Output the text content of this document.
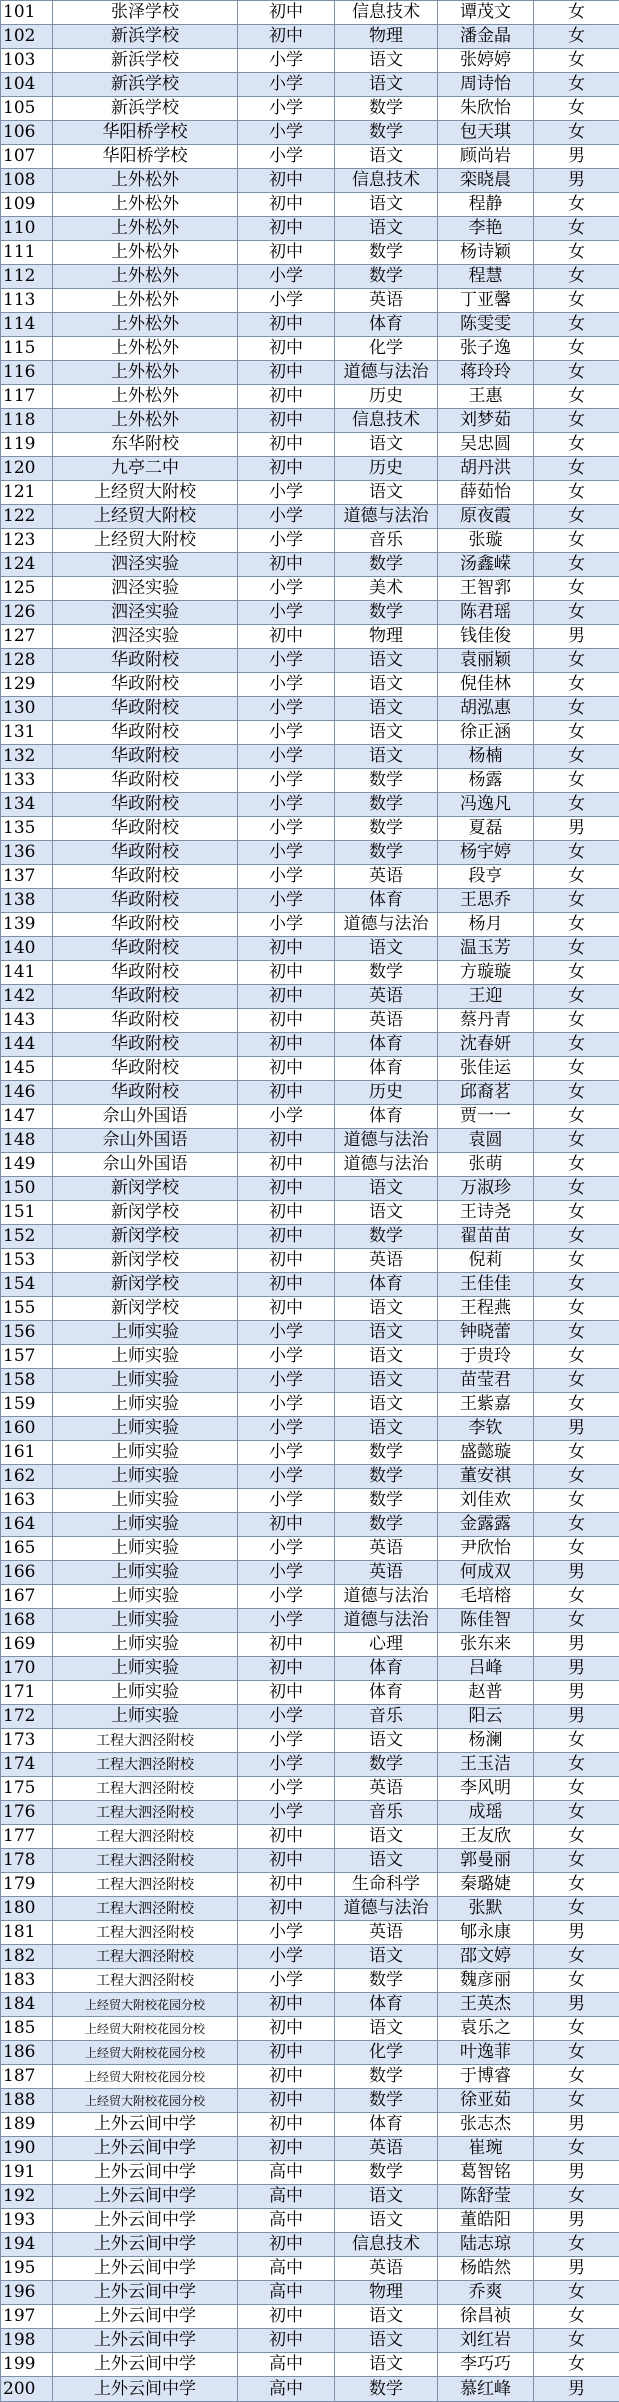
101	张泽学校	初中	信息技术	谭茂文	女
102	新浜学校	初中	物理	潘金晶	女
103	新浜学校	小学	语文	张婷婷	女
104	新浜学校	小学	语文	周诗怡	女
105	新浜学校	小学	数学	朱欣怡	女
106	华阳桥学校	小学	数学	包天琪	女
107	华阳桥学校	小学	语文	顾尚岩	男
108	上外松外	初中	信息技术	栾晓晨	男
109	上外松外	初中	语文	程静	女
110	上外松外	初中	语文	李艳	女
111	上外松外	初中	数学	杨诗颖	女
112	上外松外	小学	数学	程慧	女
113	上外松外	小学	英语	丁亚馨	女
114	上外松外	初中	体育	陈雯雯	女
115	上外松外	初中	化学	张子逸	女
116	上外松外	初中	道德与法治	蒋玲玲	女
117	上外松外	初中	历史	王惠	女
118	上外松外	初中	信息技术	刘梦茹	女
119	东华附校	初中	语文	吴忠圆	女
120	九亭二中	初中	历史	胡丹洪	女
121	上经贸大附校	小学	语文	薛茹怡	女
122	上经贸大附校	小学	道德与法治	原夜霞	女
123	上经贸大附校	小学	音乐	张璇	女
124	泗泾实验	初中	数学	汤鑫嵘	女
125	泗泾实验	小学	美术	王智郛	女
126	泗泾实验	小学	数学	陈君瑶	女
127	泗泾实验	初中	物理	钱佳俊	男
128	华政附校	小学	语文	袁丽颖	女
129	华政附校	小学	语文	倪佳林	女
130	华政附校	小学	语文	胡泓惠	女
131	华政附校	小学	语文	徐正涵	女
132	华政附校	小学	语文	杨楠	女
133	华政附校	小学	数学	杨露	女
134	华政附校	小学	数学	冯逸凡	女
135	华政附校	小学	数学	夏磊	男
136	华政附校	小学	数学	杨宇婷	女
137	华政附校	小学	英语	段亨	女
138	华政附校	小学	体育	王思乔	女
139	华政附校	小学	道德与法治	杨月	女
140	华政附校	初中	语文	温玉芳	女
141	华政附校	初中	数学	方璇璇	女
142	华政附校	初中	英语	王迎	女
143	华政附校	初中	英语	蔡丹青	女
144	华政附校	初中	体育	沈春妍	女
145	华政附校	初中	体育	张佳运	女
146	华政附校	初中	历史	邱裔茗	女
147	佘山外国语	小学	体育	贾一一	女
148	佘山外国语	初中	道德与法治	袁圆	女
149	佘山外国语	初中	道德与法治	张萌	女
150	新闵学校	初中	语文	万淑珍	女
151	新闵学校	初中	语文	王诗尧	女
152	新闵学校	初中	数学	翟苗苗	女
153	新闵学校	初中	英语	倪莉	女
154	新闵学校	初中	体育	王佳佳	女
155	新闵学校	初中	语文	王程燕	女
156	上师实验	小学	语文	钟晓蕾	女
157	上师实验	小学	语文	于贵玲	女
158	上师实验	小学	语文	苗莹君	女
159	上师实验	小学	语文	王紫嘉	女
160	上师实验	小学	语文	李钦	男
161	上师实验	小学	数学	盛懿璇	女
162	上师实验	小学	数学	董安祺	女
163	上师实验	小学	数学	刘佳欢	女
164	上师实验	初中	数学	金露露	女
165	上师实验	小学	英语	尹欣怡	女
166	上师实验	小学	英语	何成双	男
167	上师实验	小学	道德与法治	毛培榕	女
168	上师实验	小学	道德与法治	陈佳智	女
169	上师实验	初中	心理	张东来	男
170	上师实验	初中	体育	吕峰	男
171	上师实验	初中	体育	赵普	男
172	上师实验	小学	音乐	阳云	男
173	工程大泗泾附校	小学	语文	杨澜	女
174	工程大泗泾附校	小学	数学	王玉洁	女
175	工程大泗泾附校	小学	英语	李风明	女
176	工程大泗泾附校	小学	音乐	成瑶	女
177	工程大泗泾附校	初中	语文	王友欣	女
178	工程大泗泾附校	初中	语文	郭曼丽	女
179	工程大泗泾附校	初中	生命科学	秦璐婕	女
180	工程大泗泾附校	初中	道德与法治	张默	女
181	工程大泗泾附校	小学	英语	郇永康	男
182	工程大泗泾附校	小学	语文	邵文婷	女
183	工程大泗泾附校	小学	数学	魏彦丽	女
184	上经贸大附校花园分校	初中	体育	王英杰	男
185	上经贸大附校花园分校	初中	语文	袁乐之	女
186	上经贸大附校花园分校	初中	化学	叶逸菲	女
187	上经贸大附校花园分校	初中	数学	于博睿	女
188	上经贸大附校花园分校	初中	数学	徐亚茹	女
189	上外云间中学	初中	体育	张志杰	男
190	上外云间中学	初中	英语	崔琬	女
191	上外云间中学	高中	数学	葛智铭	男
192	上外云间中学	高中	语文	陈舒莹	女
193	上外云间中学	高中	语文	董皓阳	男
194	上外云间中学	初中	信息技术	陆志琼	女
195	上外云间中学	高中	英语	杨皓然	男
196	上外云间中学	高中	物理	乔爽	女
197	上外云间中学	初中	语文	徐昌祯	女
198	上外云间中学	初中	语文	刘红岩	女
199	上外云间中学	高中	语文	李巧巧	女
200	上外云间中学	高中	数学	慕红峰	男
